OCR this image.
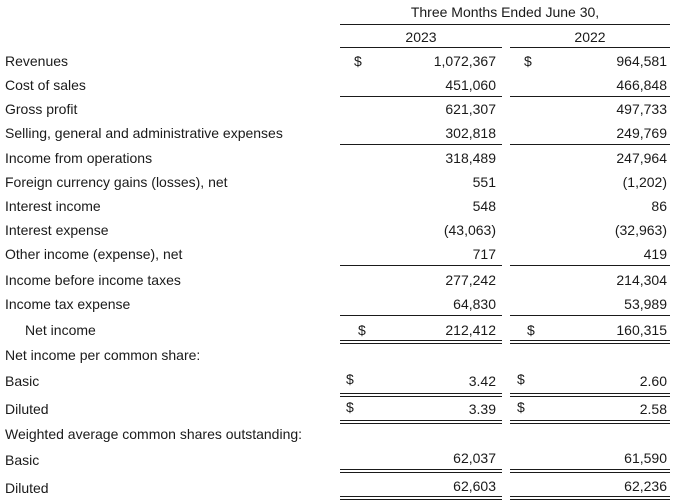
Three Months Ended June 30,
2023	2022
Revenues	$	1,072,367 $	964,581
Cost of sales	451,060	466,848
Gross profit	621,307	497,733
Selling, general and administrative expenses	302,818	249,769
Income from operations	318,489	247,964
Foreign currency gains (losses), net	551	(1,202)
Interest income	548	86
Interest expense	(43,063)	(32,963)
Other income (expense), net	717	419
Income before income taxes	277,242	214,304
Income tax expense	64,830	53,989
Net income	$	212,412 $	160,315
Net income per common share:
Basic	$	3.42 $	2.60
Diluted	$	3.39 $	2.58
Weighted average common shares outstanding:
Basic	62,037	61,590
Diluted	62,603	62,236
